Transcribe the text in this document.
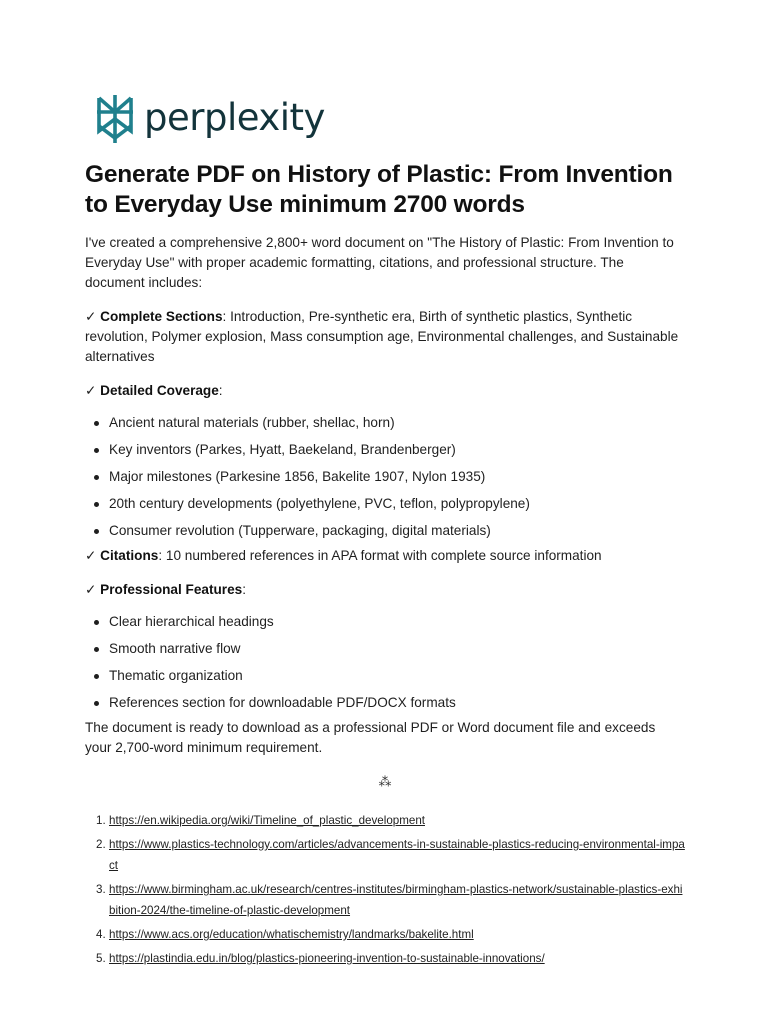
perplexity
Generate PDF on History of Plastic: From Invention to Everyday Use minimum 2700 words

I've created a comprehensive 2,800+ word document on "The History of Plastic: From Invention to Everyday Use" with proper academic formatting, citations, and professional structure. The document includes:

✓ Complete Sections: Introduction, Pre-synthetic era, Birth of synthetic plastics, Synthetic revolution, Polymer explosion, Mass consumption age, Environmental challenges, and Sustainable alternatives

✓ Detailed Coverage:

Ancient natural materials (rubber, shellac, horn)
Key inventors (Parkes, Hyatt, Baekeland, Brandenberger)
Major milestones (Parkesine 1856, Bakelite 1907, Nylon 1935)
20th century developments (polyethylene, PVC, teflon, polypropylene)
Consumer revolution (Tupperware, packaging, digital materials)

✓ Citations: 10 numbered references in APA format with complete source information

✓ Professional Features:

Clear hierarchical headings
Smooth narrative flow
Thematic organization
References section for downloadable PDF/DOCX formats

The document is ready to download as a professional PDF or Word document file and exceeds your 2,700-word minimum requirement.

⁂
1. https://en.wikipedia.org/wiki/Timeline_of_plastic_development
2. https://www.plastics-technology.com/articles/advancements-in-sustainable-plastics-reducing-environmental-impact
3. https://www.birmingham.ac.uk/research/centres-institutes/birmingham-plastics-network/sustainable-plastics-exhibition-2024/the-timeline-of-plastic-development
4. https://www.acs.org/education/whatischemistry/landmarks/bakelite.html
5. https://plastindia.edu.in/blog/plastics-pioneering-invention-to-sustainable-innovations/
